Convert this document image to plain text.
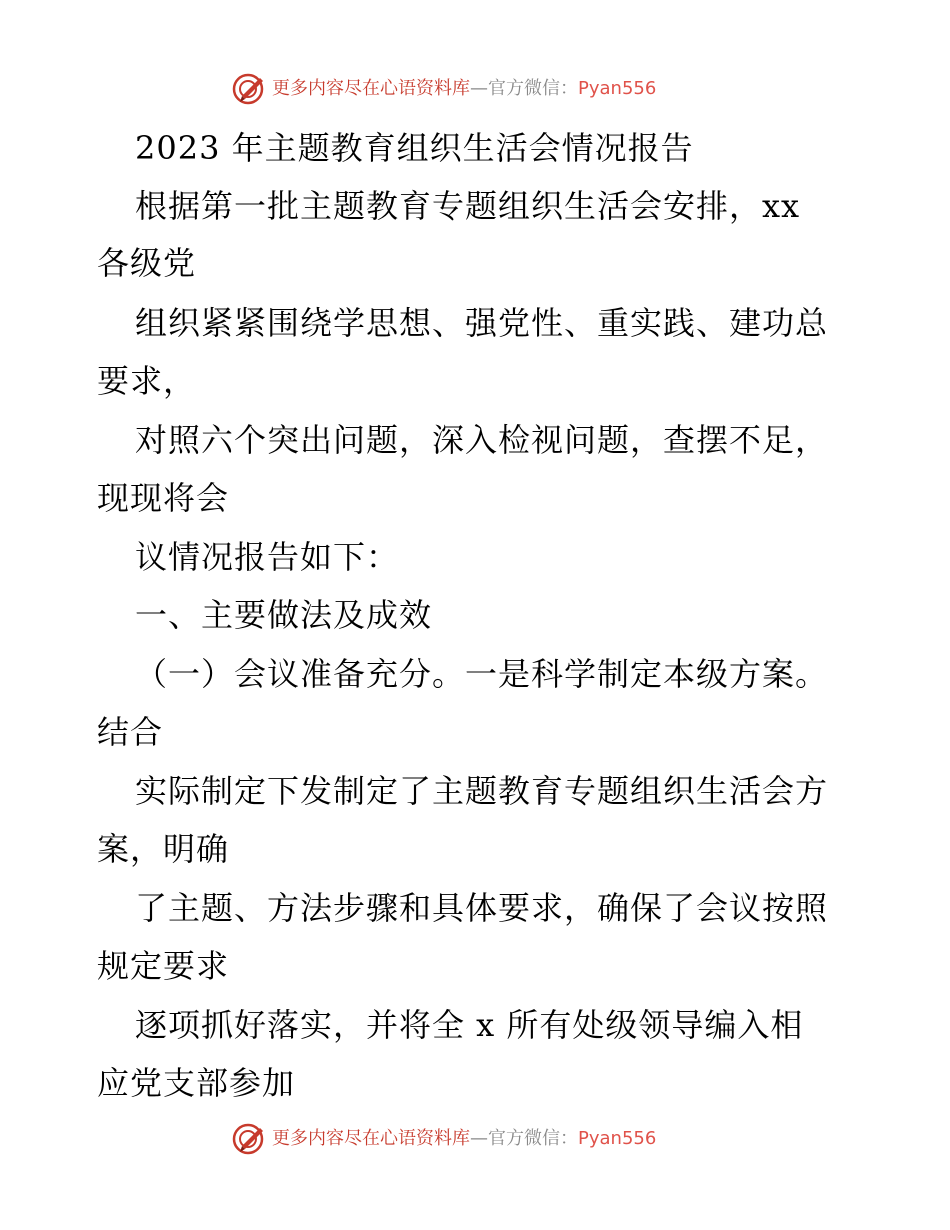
更多内容尽在心语资料库—官方微信：Pyan556
2023 年主题教育组织生活会情况报告
根据第一批主题教育专题组织生活会安排，xx
各级党
组织紧紧围绕学思想、强党性、重实践、建功总
要求，
对照六个突出问题，深入检视问题，查摆不足，
现现将会
议情况报告如下：
一、主要做法及成效
（一）会议准备充分。一是科学制定本级方案。
结合
实际制定下发制定了主题教育专题组织生活会方
案，明确
了主题、方法步骤和具体要求，确保了会议按照
规定要求
逐项抓好落实，并将全 x 所有处级领导编入相
应党支部参加
更多内容尽在心语资料库—官方微信：Pyan556
